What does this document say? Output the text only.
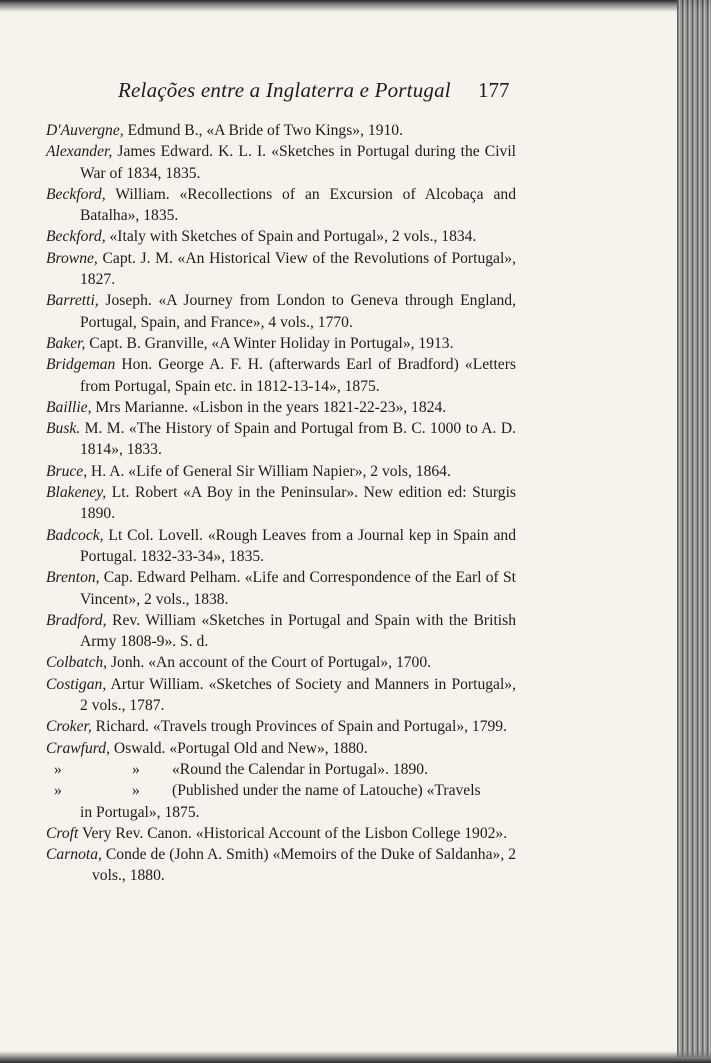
Relações entre a Inglaterra e Portugal 177

D'Auvergne, Edmund B., «A Bride of Two Kings», 1910.

Alexander, James Edward. K. L. I. «Sketches in Portugal during the Civil War of 1834, 1835.

Beckford, William. «Recollections of an Excursion of Alcobaça and Batalha», 1835.

Beckford, «Italy with Sketches of Spain and Portugal», 2 vols., 1834.

Browne, Capt. J. M. «An Historical View of the Revolutions of Portugal», 1827.

Barretti, Joseph. «A Journey from London to Geneva through England, Portugal, Spain, and France», 4 vols., 1770.

Baker, Capt. B. Granville, «A Winter Holiday in Portugal», 1913.

Bridgeman Hon. George A. F. H. (afterwards Earl of Bradford) «Letters from Portugal, Spain etc. in 1812-13-14», 1875.

Baillie, Mrs Marianne. «Lisbon in the years 1821-22-23», 1824.

Busk. M. M. «The History of Spain and Portugal from B. C. 1000 to A. D. 1814», 1833.

Bruce, H. A. «Life of General Sir William Napier», 2 vols, 1864.

Blakeney, Lt. Robert «A Boy in the Peninsular». New edition ed: Sturgis 1890.

Badcock, Lt Col. Lovell. «Rough Leaves from a Journal kep in Spain and Portugal. 1832-33-34», 1835.

Brenton, Cap. Edward Pelham. «Life and Correspondence of the Earl of St Vincent», 2 vols., 1838.

Bradford, Rev. William «Sketches in Portugal and Spain with the British Army 1808-9». S. d.

Colbatch, Jonh. «An account of the Court of Portugal», 1700.

Costigan, Artur William. «Sketches of Society and Manners in Portugal», 2 vols., 1787.

Croker, Richard. «Travels trough Provinces of Spain and Portugal», 1799.

Crawfurd, Oswald. «Portugal Old and New», 1880.

»	»	«Round the Calendar in Portugal». 1890.

»	»	(Published under the name of Latouche) «Travels

in Portugal», 1875.

Croft Very Rev. Canon. «Historical Account of the Lisbon College 1902».

Carnota, Conde de (John A. Smith) «Memoirs of the Duke of Saldanha», 2 vols., 1880.
